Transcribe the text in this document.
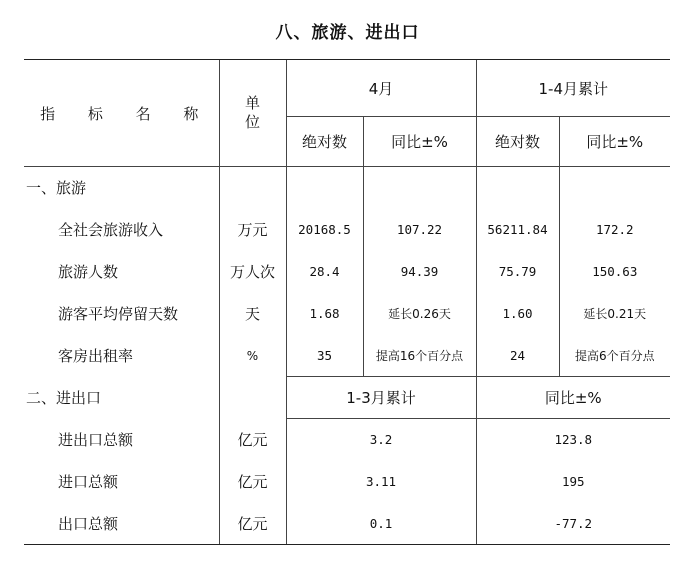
八、旅游、进出口
指 标 名 称	单
位	4月		1-4月累计	
		绝对数	同比±%	绝对数	同比±%
一、旅游					
全社会旅游收入	万元	20168.5	107.22	56211.84	172.2
旅游人数	万人次	28.4	94.39	75.79	150.63
游客平均停留天数	天	1.68	延长0.26天	1.60	延长0.21天
客房出租率	%	35	提高16个百分点	24	提高6个百分点
二、进出口		1-3月累计		同比±%	
进出口总额	亿元	3.2		123.8	
进口总额	亿元	3.11		195	
出口总额	亿元	0.1		-77.2	
